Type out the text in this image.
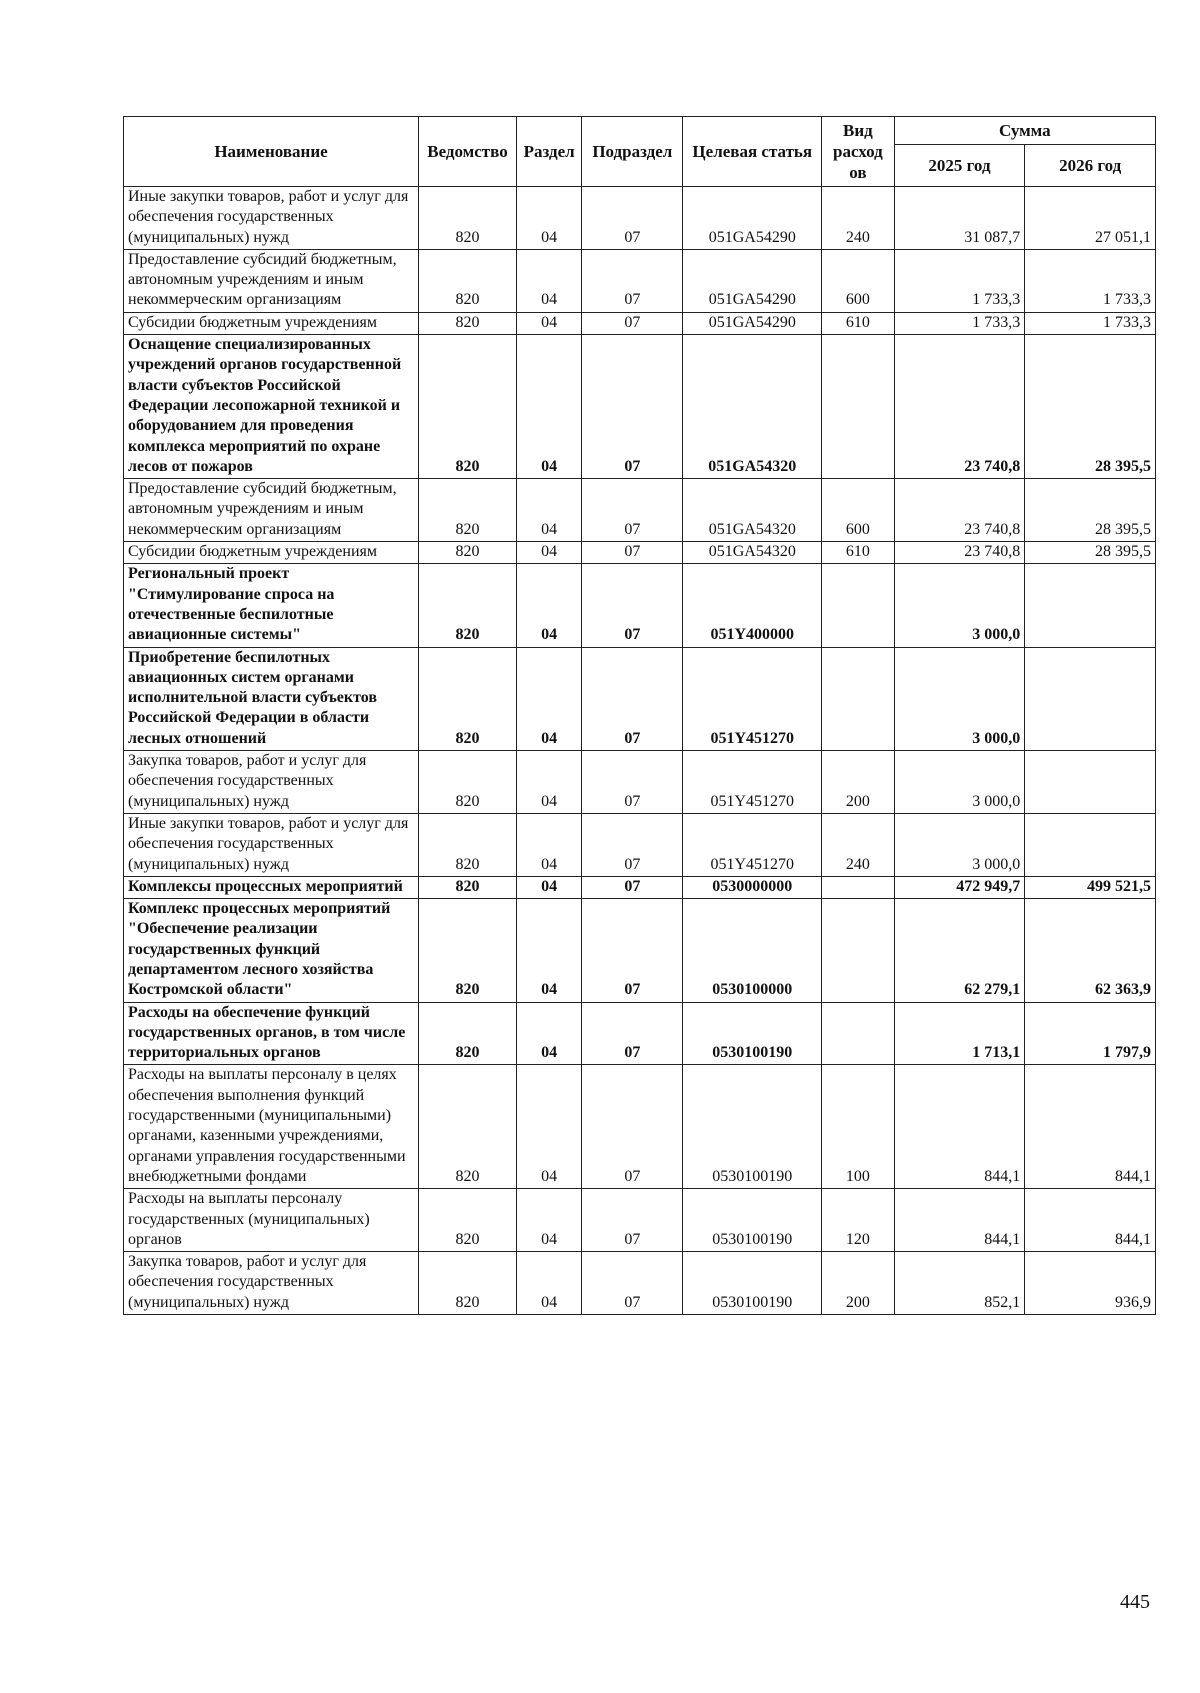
Наименование	Ведомство	Раздел	Подраздел	Целевая статья	Вид расход ов	Сумма	
						2025 год	2026 год
Иные закупки товаров, работ и услуг для обеспечения государственных (муниципальных) нужд	820	04	07	051GA54290	240	31 087,7	27 051,1
Предоставление субсидий бюджетным, автономным учреждениям и иным некоммерческим организациям	820	04	07	051GA54290	600	1 733,3	1 733,3
Субсидии бюджетным учреждениям	820	04	07	051GA54290	610	1 733,3	1 733,3
Оснащение специализированных учреждений органов государственной власти субъектов Российской Федерации лесопожарной техникой и оборудованием для проведения комплекса мероприятий по охране лесов от пожаров	820	04	07	051GA54320		23 740,8	28 395,5
Предоставление субсидий бюджетным, автономным учреждениям и иным некоммерческим организациям	820	04	07	051GA54320	600	23 740,8	28 395,5
Субсидии бюджетным учреждениям	820	04	07	051GA54320	610	23 740,8	28 395,5
Региональный проект "Стимулирование спроса на отечественные беспилотные авиационные системы"	820	04	07	051Y400000		3 000,0	
Приобретение беспилотных авиационных систем органами исполнительной власти субъектов Российской Федерации в области лесных отношений	820	04	07	051Y451270		3 000,0	
Закупка товаров, работ и услуг для обеспечения государственных (муниципальных) нужд	820	04	07	051Y451270	200	3 000,0	
Иные закупки товаров, работ и услуг для обеспечения государственных (муниципальных) нужд	820	04	07	051Y451270	240	3 000,0	
Комплексы процессных мероприятий	820	04	07	0530000000		472 949,7	499 521,5
Комплекс процессных мероприятий "Обеспечение реализации государственных функций департаментом лесного хозяйства Костромской области"	820	04	07	0530100000		62 279,1	62 363,9
Расходы на обеспечение функций государственных органов, в том числе территориальных органов	820	04	07	0530100190		1 713,1	1 797,9
Расходы на выплаты персоналу в целях обеспечения выполнения функций государственными (муниципальными) органами, казенными учреждениями, органами управления государственными внебюджетными фондами	820	04	07	0530100190	100	844,1	844,1
Расходы на выплаты персоналу государственных (муниципальных) органов	820	04	07	0530100190	120	844,1	844,1
Закупка товаров, работ и услуг для обеспечения государственных (муниципальных) нужд	820	04	07	0530100190	200	852,1	936,9
445
